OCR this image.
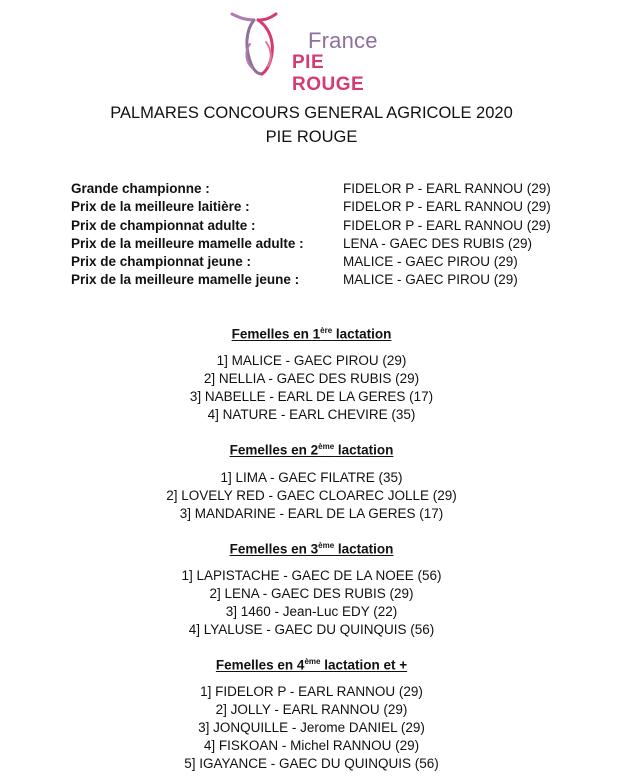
France
PIE ROUGE
PALMARES CONCOURS GENERAL AGRICOLE 2020
PIE ROUGE
Grande championne :	FIDELOR P - EARL RANNOU (29)
Prix de la meilleure laitière :	FIDELOR P - EARL RANNOU (29)
Prix de championnat adulte :	FIDELOR P - EARL RANNOU (29)
Prix de la meilleure mamelle adulte :	LENA - GAEC DES RUBIS (29)
Prix de championnat jeune :	MALICE - GAEC PIROU (29)
Prix de la meilleure mamelle jeune :	MALICE - GAEC PIROU (29)
Femelles en 1ère lactation
1] MALICE - GAEC PIROU (29)
2] NELLIA - GAEC DES RUBIS (29)
3] NABELLE - EARL DE LA GERES (17)
4] NATURE - EARL CHEVIRE (35)
Femelles en 2ème lactation
1] LIMA - GAEC FILATRE (35)
2] LOVELY RED - GAEC CLOAREC JOLLE (29)
3] MANDARINE - EARL DE LA GERES (17)
Femelles en 3ème lactation
1] LAPISTACHE - GAEC DE LA NOEE (56)
2] LENA - GAEC DES RUBIS (29)
3] 1460 - Jean-Luc EDY (22)
4] LYALUSE - GAEC DU QUINQUIS (56)
Femelles en 4ème lactation et +
1] FIDELOR P - EARL RANNOU (29)
2] JOLLY - EARL RANNOU (29)
3] JONQUILLE - Jerome DANIEL (29)
4] FISKOAN - Michel RANNOU (29)
5] IGAYANCE - GAEC DU QUINQUIS (56)
